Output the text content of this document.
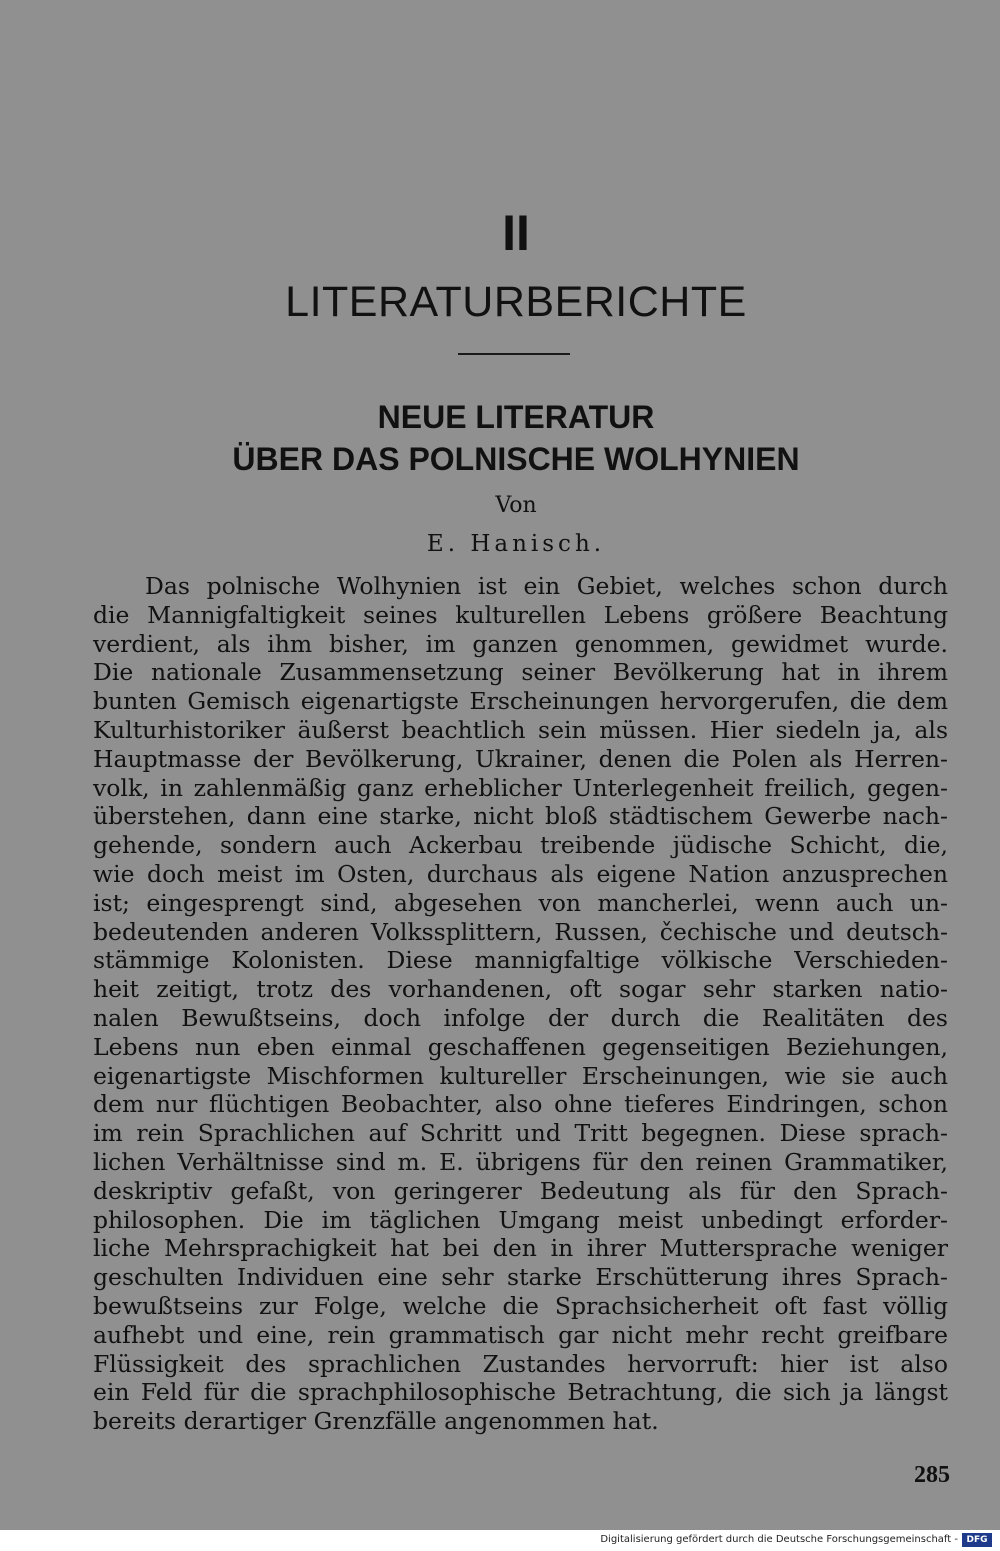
II
LITERATURBERICHTE
NEUE LITERATUR
ÜBER DAS POLNISCHE WOLHYNIEN
Von
E. Hanisch.
Das polnische Wolhynien ist ein Gebiet, welches schon durch
die Mannigfaltigkeit seines kulturellen Lebens größere Beachtung
verdient, als ihm bisher, im ganzen genommen, gewidmet wurde.
Die nationale Zusammensetzung seiner Bevölkerung hat in ihrem
bunten Gemisch eigenartigste Erscheinungen hervorgerufen, die dem
Kulturhistoriker äußerst beachtlich sein müssen. Hier siedeln ja, als
Hauptmasse der Bevölkerung, Ukrainer, denen die Polen als Herren-
volk, in zahlenmäßig ganz erheblicher Unterlegenheit freilich, gegen-
überstehen, dann eine starke, nicht bloß städtischem Gewerbe nach-
gehende, sondern auch Ackerbau treibende jüdische Schicht, die,
wie doch meist im Osten, durchaus als eigene Nation anzusprechen
ist; eingesprengt sind, abgesehen von mancherlei, wenn auch un-
bedeutenden anderen Volkssplittern, Russen, čechische und deutsch-
stämmige Kolonisten. Diese mannigfaltige völkische Verschieden-
heit zeitigt, trotz des vorhandenen, oft sogar sehr starken natio-
nalen Bewußtseins, doch infolge der durch die Realitäten des
Lebens nun eben einmal geschaffenen gegenseitigen Beziehungen,
eigenartigste Mischformen kultureller Erscheinungen, wie sie auch
dem nur flüchtigen Beobachter, also ohne tieferes Eindringen, schon
im rein Sprachlichen auf Schritt und Tritt begegnen. Diese sprach-
lichen Verhältnisse sind m. E. übrigens für den reinen Grammatiker,
deskriptiv gefaßt, von geringerer Bedeutung als für den Sprach-
philosophen. Die im täglichen Umgang meist unbedingt erforder-
liche Mehrsprachigkeit hat bei den in ihrer Muttersprache weniger
geschulten Individuen eine sehr starke Erschütterung ihres Sprach-
bewußtseins zur Folge, welche die Sprachsicherheit oft fast völlig
aufhebt und eine, rein grammatisch gar nicht mehr recht greifbare
Flüssigkeit des sprachlichen Zustandes hervorruft: hier ist also
ein Feld für die sprachphilosophische Betrachtung, die sich ja längst
bereits derartiger Grenzfälle angenommen hat.
285
Digitalisierung gefördert durch die Deutsche Forschungsgemeinschaft - DFG
